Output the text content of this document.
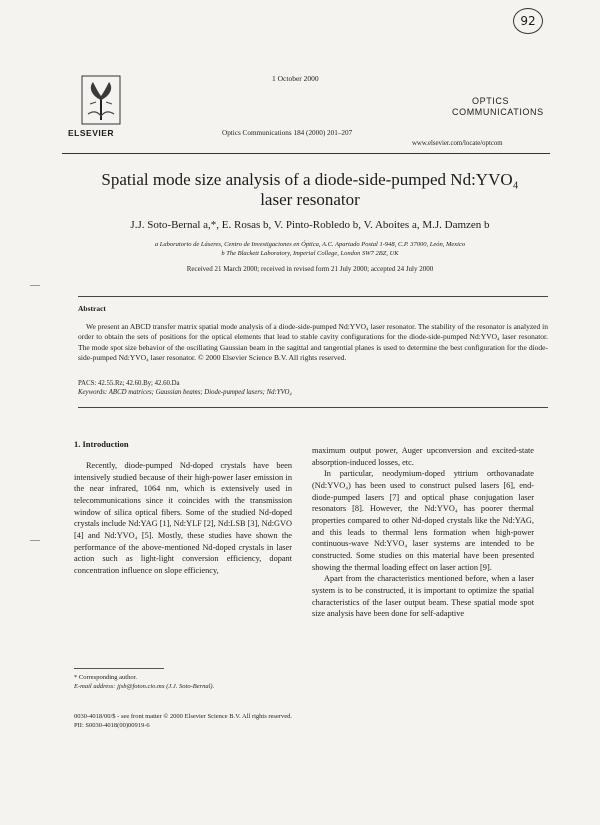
92
ELSEVIER
1 October 2000
OPTICS
COMMUNICATIONS
Optics Communications 184 (2000) 201–207
www.elsevier.com/locate/optcom
Spatial mode size analysis of a diode-side-pumped Nd:YVO₄
laser resonator
J.J. Soto-Bernal a,*, E. Rosas b, V. Pinto-Robledo b, V. Aboites a, M.J. Damzen b
a Laboratorio de Láseres, Centro de Investigaciones en Óptica, A.C. Apartado Postal 1-948, C.P. 37000, León, Mexico
b The Blackett Laboratory, Imperial College, London SW7 2BZ, UK
Received 21 March 2000; received in revised form 21 July 2000; accepted 24 July 2000
Abstract
We present an ABCD transfer matrix spatial mode analysis of a diode-side-pumped Nd:YVO₄ laser resonator. The stability of the resonator is analyzed in order to obtain the sets of positions for the optical elements that lead to stable cavity configurations for the diode-side-pumped Nd:YVO₄ laser resonator. The mode spot size behavior of the oscillating Gaussian beam in the sagittal and tangential planes is used to determine the best configuration for the diode-side-pumped Nd:YVO₄ laser resonator. © 2000 Elsevier Science B.V. All rights reserved.
PACS: 42.55.Rz; 42.60.By; 42.60.Da
Keywords: ABCD matrices; Gaussian beams; Diode-pumped lasers; Nd:YVO₄
1. Introduction

Recently, diode-pumped Nd-doped crystals have been intensively studied because of their high-power laser emission in the near infrared, 1064 nm, which is extensively used in telecommunications since it coincides with the transmission window of silica optical fibers. Some of the studied Nd-doped crystals include Nd:YAG [1], Nd:YLF [2], Nd:LSB [3], Nd:GVO [4] and Nd:YVO₄ [5]. Mostly, these studies have shown the performance of the above-mentioned Nd-doped crystals in laser action such as light-light conversion efficiency, dopant concentration influence on slope efficiency,

maximum output power, Auger upconversion and excited-state absorption-induced losses, etc.

In particular, neodymium-doped yttrium orthovanadate (Nd:YVO₄) has been used to construct pulsed lasers [6], end-diode-pumped lasers [7] and optical phase conjugation laser resonators [8]. However, the Nd:YVO₄ has poorer thermal properties compared to other Nd-doped crystals like the Nd:YAG, and this leads to thermal lens formation when high-power continuous-wave Nd:YVO₄ laser systems are intended to be constructed. Some studies on this material have been presented showing the thermal loading effect on laser action [9].

Apart from the characteristics mentioned before, when a laser system is to be constructed, it is important to optimize the spatial characteristics of the laser output beam. These spatial mode spot size analysis have been done for self-adaptive

* Corresponding author.
E-mail address: jjsb@foton.cio.mx (J.J. Soto-Bernal).
0030-4018/00/$ - see front matter © 2000 Elsevier Science B.V. All rights reserved.
PII: S0030-4018(00)00919-6
